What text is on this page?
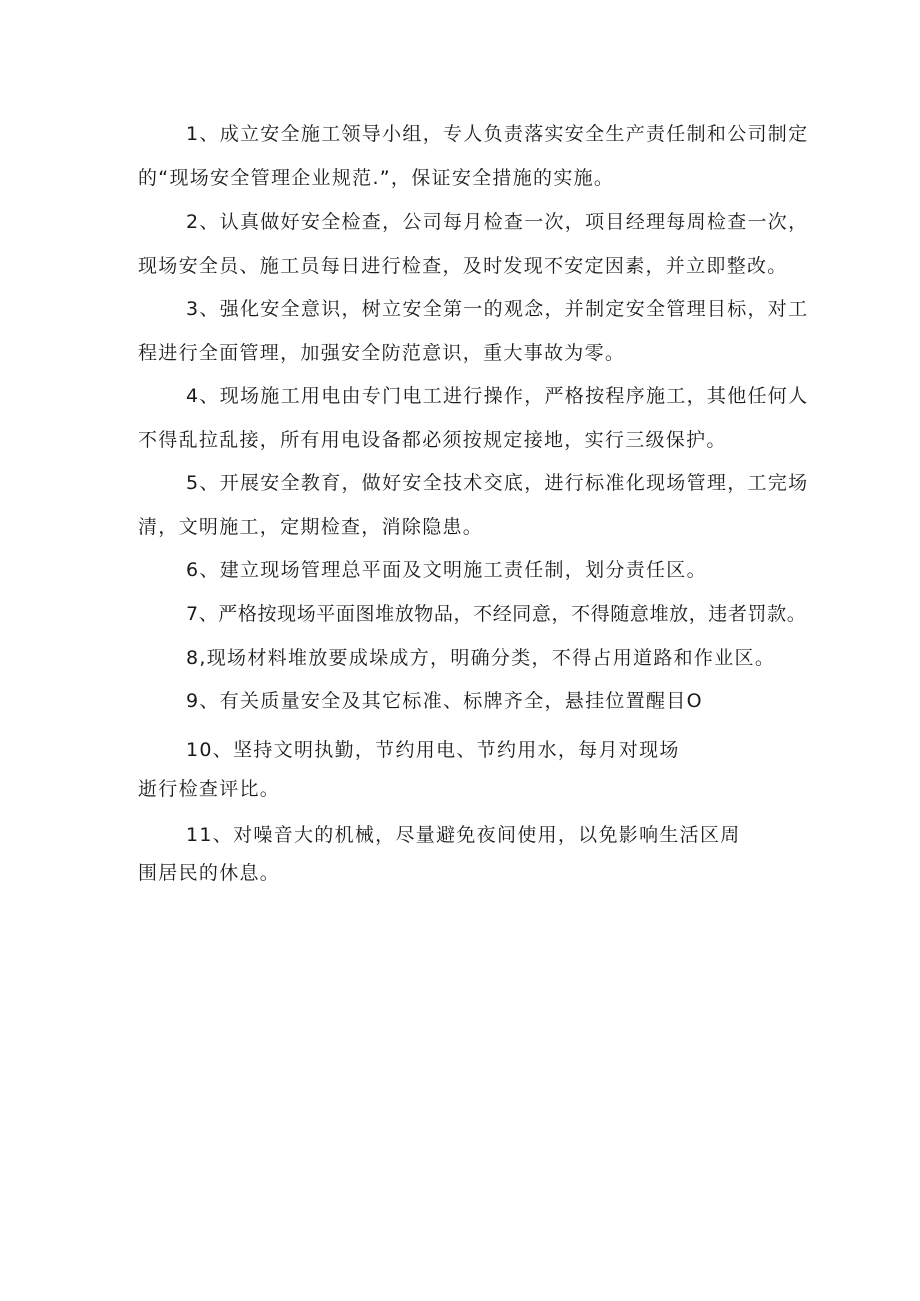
1、成立安全施工领导小组，专人负责落实安全生产责任制和公司制定
的“现场安全管理企业规范.”，保证安全措施的实施。
2、认真做好安全检查，公司每月检查一次，项目经理每周检查一次，
现场安全员、施工员每日进行检查，及时发现不安定因素，并立即整改。
3、强化安全意识，树立安全第一的观念，并制定安全管理目标，对工
程进行全面管理，加强安全防范意识，重大事故为零。
4、现场施工用电由专门电工进行操作，严格按程序施工，其他任何人
不得乱拉乱接，所有用电设备都必须按规定接地，实行三级保护。
5、开展安全教育，做好安全技术交底，进行标准化现场管理，工完场
清，文明施工，定期检查，消除隐患。
6、建立现场管理总平面及文明施工责任制，划分责任区。
7、严格按现场平面图堆放物品，不经同意，不得随意堆放，违者罚款。
8,现场材料堆放要成垛成方，明确分类，不得占用道路和作业区。
9、有关质量安全及其它标准、标牌齐全，悬挂位置醒目O
10、坚持文明执勤，节约用电、节约用水，每月对现场
逝行检查评比。
11、对噪音大的机械，尽量避免夜间使用，以免影响生活区周
围居民的休息。
